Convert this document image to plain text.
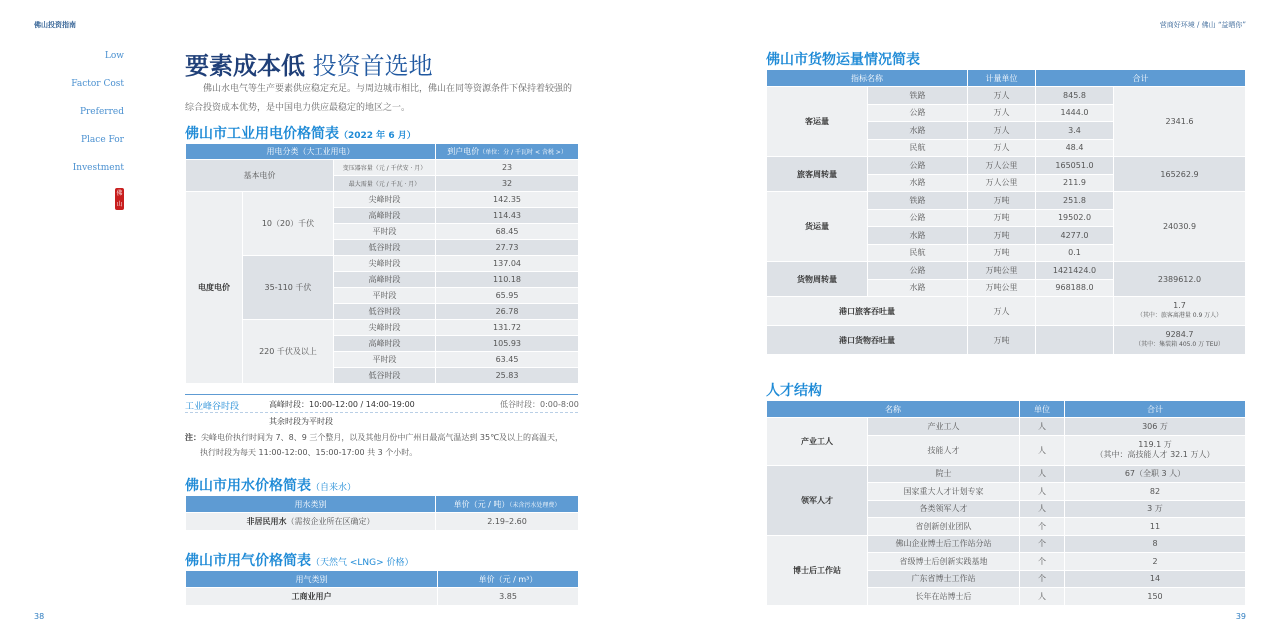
佛山投资指南	营商好环境 / 佛山 “益晒你”
38	39
Low
Factor Cost
Preferred
Place For
Investment
佛山
要素成本低 投资首选地
佛山水电气等生产要素供应稳定充足。与周边城市相比，佛山在同等资源条件下保持着较强的综合投资成本优势，是中国电力供应最稳定的地区之一。
佛山市工业用电价格简表（2022 年 6 月）
用电分类（大工业用电）			到户电价（单位：分 / 千瓦时 < 含税 >）
基本电价		变压器容量（元 / 千伏安 · 月）	23
		最大需量（元 / 千瓦 · 月）	32
电度电价	10（20）千伏	尖峰时段	142.35
		高峰时段	114.43
		平时段	68.45
		低谷时段	27.73
	35-110 千伏	尖峰时段	137.04
		高峰时段	110.18
		平时段	65.95
		低谷时段	26.78
	220 千伏及以上	尖峰时段	131.72
		高峰时段	105.93
		平时段	63.45
		低谷时段	25.83
工业峰谷时段	高峰时段：10:00-12:00 / 14:00-19:00	低谷时段：0:00-8:00
其余时段为平时段
注：尖峰电价执行时间为 7、8、9 三个整月，以及其他月份中广州日最高气温达到 35℃及以上的高温天，
执行时段为每天 11:00-12:00、15:00-17:00 共 3 个小时。
佛山市用水价格简表（自来水）
用水类别	单价（元 / 吨）（未含污水处理费）
非居民用水（需按企业所在区确定）	2.19–2.60
佛山市用气价格简表（天然气 <LNG> 价格）
用气类别	单价（元 / m³）
工商业用户	3.85
佛山市货物运量情况简表
指标名称		计量单位	合计	
客运量	铁路	万人	845.8	2341.6
	公路	万人	1444.0	
	水路	万人	3.4	
	民航	万人	48.4	
旅客周转量	公路	万人公里	165051.0	165262.9
	水路	万人公里	211.9	
货运量	铁路	万吨	251.8	24030.9
	公路	万吨	19502.0	
	水路	万吨	4277.0	
	民航	万吨	0.1	
货物周转量	公路	万吨公里	1421424.0	2389612.0
	水路	万吨公里	968188.0	
港口旅客吞吐量		万人		1.7
（其中：旅客离港量 0.9 万人）

港口货物吞吐量		万吨		9284.7
（其中：集装箱 405.0 万 TEU）
人才结构
名称		单位	合计
产业工人	产业工人	人	306 万
	技能人才	人	119.1 万
（其中：高技能人才 32.1 万人）
领军人才	院士	人	67（全职 3 人）
	国家重大人才计划专家	人	82
	各类领军人才	人	3 万
	省创新创业团队	个	11
博士后工作站	佛山企业博士后工作站分站	个	8
	省级博士后创新实践基地	个	2
	广东省博士工作站	个	14
	长年在站博士后	人	150
